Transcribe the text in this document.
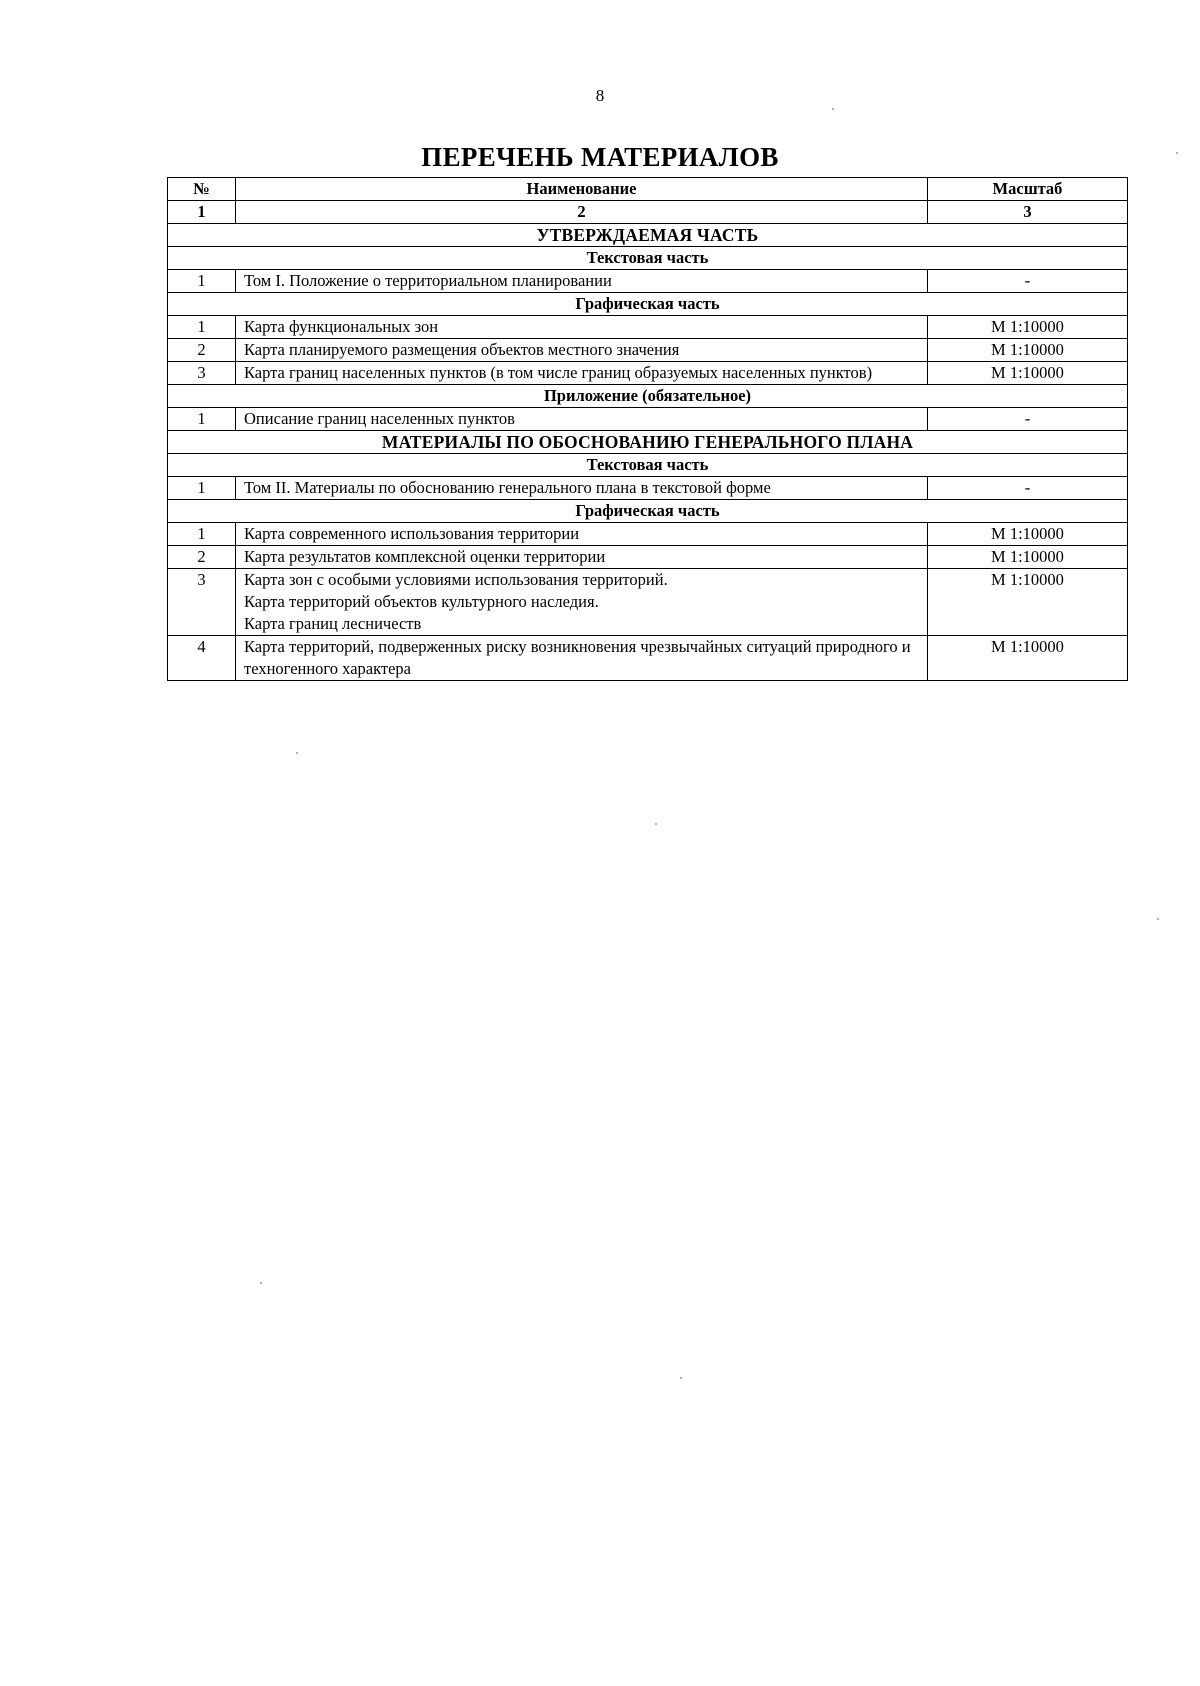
8
ПЕРЕЧЕНЬ МАТЕРИАЛОВ
№	Наименование	Масштаб
1	2	3
УТВЕРЖДАЕМАЯ ЧАСТЬ		
Текстовая часть		
1	Том I. Положение о территориальном планировании	-
Графическая часть		
1	Карта функциональных зон	М 1:10000
2	Карта планируемого размещения объектов местного значения	М 1:10000
3	Карта границ населенных пунктов (в том числе границ образуемых населенных пунктов)	М 1:10000
Приложение (обязательное)		
1	Описание границ населенных пунктов	-
МАТЕРИАЛЫ ПО ОБОСНОВАНИЮ ГЕНЕРАЛЬНОГО ПЛАНА		
Текстовая часть		
1	Том II. Материалы по обоснованию генерального плана в текстовой форме	-
Графическая часть		
1	Карта современного использования территории	М 1:10000
2	Карта результатов комплексной оценки территории	М 1:10000
3	Карта зон с особыми условиями использования территорий.
Карта территорий объектов культурного наследия.
Карта границ лесничеств	М 1:10000
4	Карта территорий, подверженных риску возникновения чрезвычайных ситуаций природного и техногенного характера	М 1:10000
